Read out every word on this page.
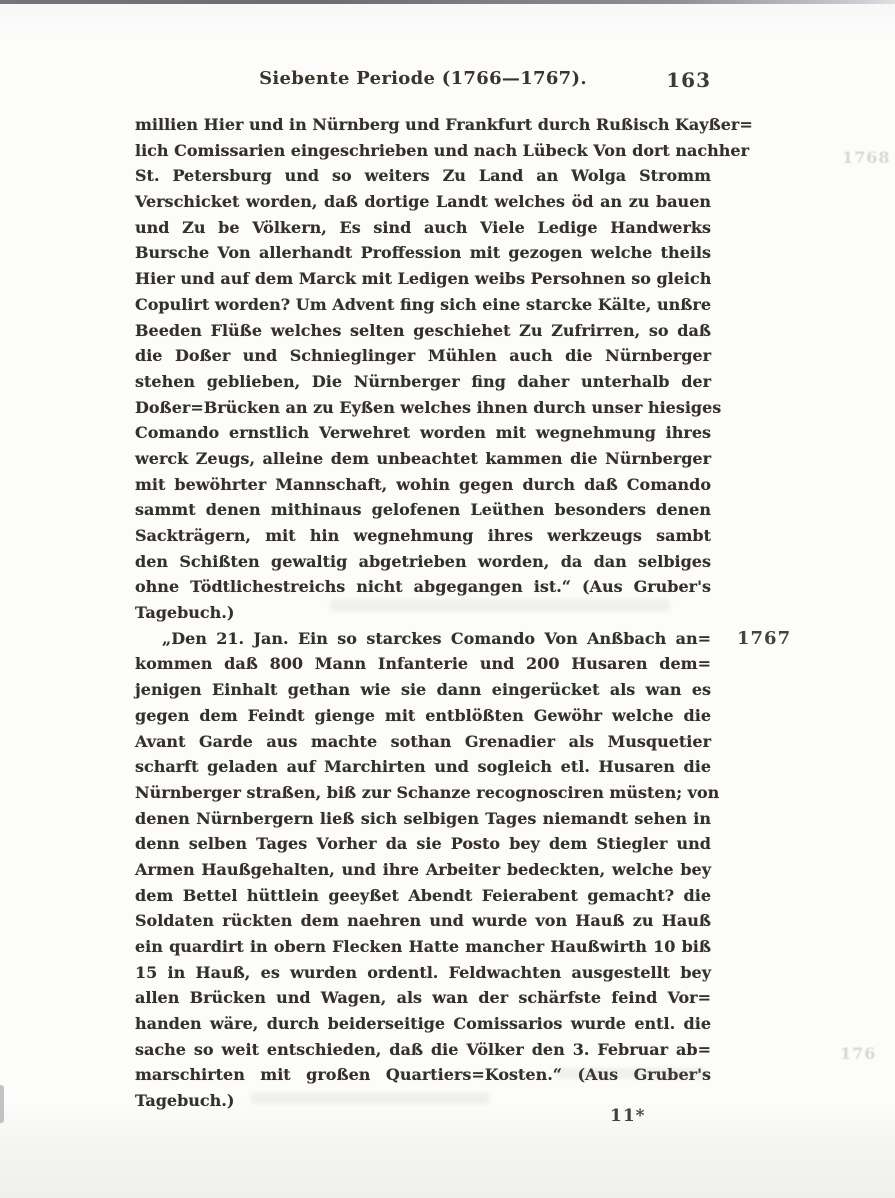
Siebente Periode (1766—1767).	163
millien Hier und in Nürnberg und Frankfurt durch Rußisch Kayßer=
lich Comissarien eingeschrieben und nach Lübeck Von dort nachher
St. Petersburg und so weiters Zu Land an Wolga Stromm
Verschicket worden, daß dortige Landt welches öd an zu bauen
und Zu be Völkern, Es sind auch Viele Ledige Handwerks
Bursche Von allerhandt Proffession mit gezogen welche theils
Hier und auf dem Marck mit Ledigen weibs Persohnen so gleich
Copulirt worden? Um Advent fing sich eine starcke Kälte, unßre
Beeden Flüße welches selten geschiehet Zu Zufrirren, so daß
die Doßer und Schnieglinger Mühlen auch die Nürnberger
stehen geblieben, Die Nürnberger fing daher unterhalb der
Doßer=Brücken an zu Eyßen welches ihnen durch unser hiesiges
Comando ernstlich Verwehret worden mit wegnehmung ihres
werck Zeugs, alleine dem unbeachtet kammen die Nürnberger
mit bewöhrter Mannschaft, wohin gegen durch daß Comando
sammt denen mithinaus gelofenen Leüthen besonders denen
Sackträgern, mit hin wegnehmung ihres werkzeugs sambt
den Schißten gewaltig abgetrieben worden, da dan selbiges
ohne Tödtlichestreichs nicht abgegangen ist.“ (Aus Gruber's
Tagebuch.)
„Den 21. Jan. Ein so starckes Comando Von Anßbach an=
kommen daß 800 Mann Infanterie und 200 Husaren dem=
jenigen Einhalt gethan wie sie dann eingerücket als wan es
gegen dem Feindt gienge mit entblößten Gewöhr welche die
Avant Garde aus machte sothan Grenadier als Musquetier
scharft geladen auf Marchirten und sogleich etl. Husaren die
Nürnberger straßen, biß zur Schanze recognosciren müsten; von
denen Nürnbergern ließ sich selbigen Tages niemandt sehen in
denn selben Tages Vorher da sie Posto bey dem Stiegler und
Armen Haußgehalten, und ihre Arbeiter bedeckten, welche bey
dem Bettel hüttlein geeyßet Abendt Feierabent gemacht? die
Soldaten rückten dem naehren und wurde von Hauß zu Hauß
ein quardirt in obern Flecken Hatte mancher Haußwirth 10 biß
15 in Hauß, es wurden ordentl. Feldwachten ausgestellt bey
allen Brücken und Wagen, als wan der schärfste feind Vor=
handen wäre, durch beiderseitige Comissarios wurde entl. die
sache so weit entschieden, daß die Völker den 3. Februar ab=
marschirten mit großen Quartiers=Kosten.“ (Aus Gruber's
Tagebuch.)
1767
11*
1768
176
